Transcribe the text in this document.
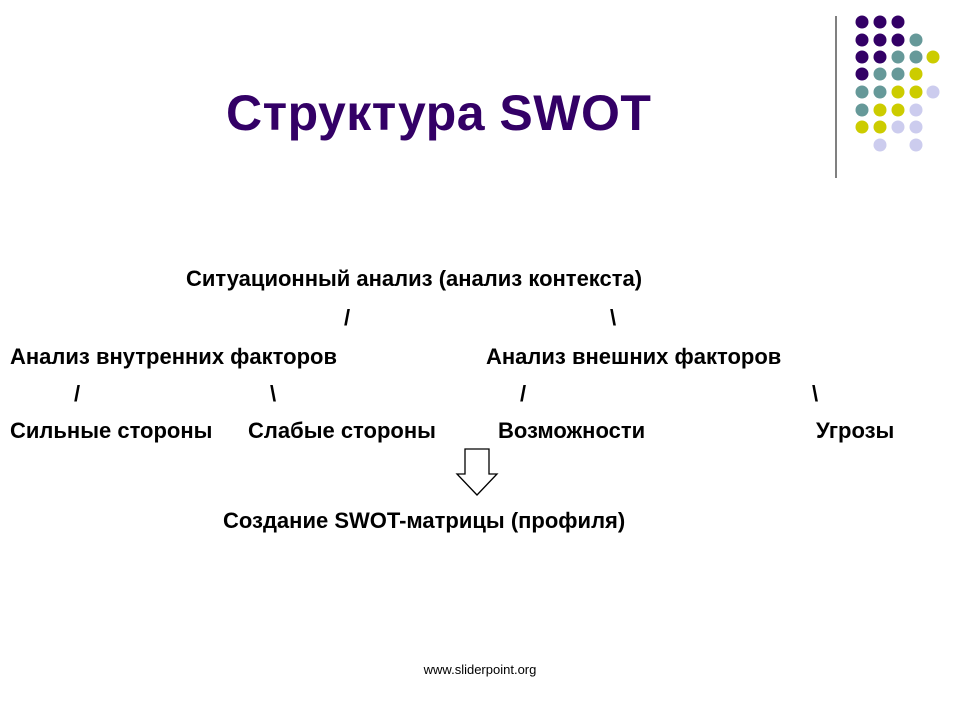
Структура SWOT
Ситуационный анализ (анализ контекста)
/	\
Анализ внутренних факторов	Анализ внешних факторов
/	\	/	\
Сильные стороны Слабые стороны	Возможности	Угрозы
Создание SWOT-матрицы (профиля)
www.sliderpoint.org
